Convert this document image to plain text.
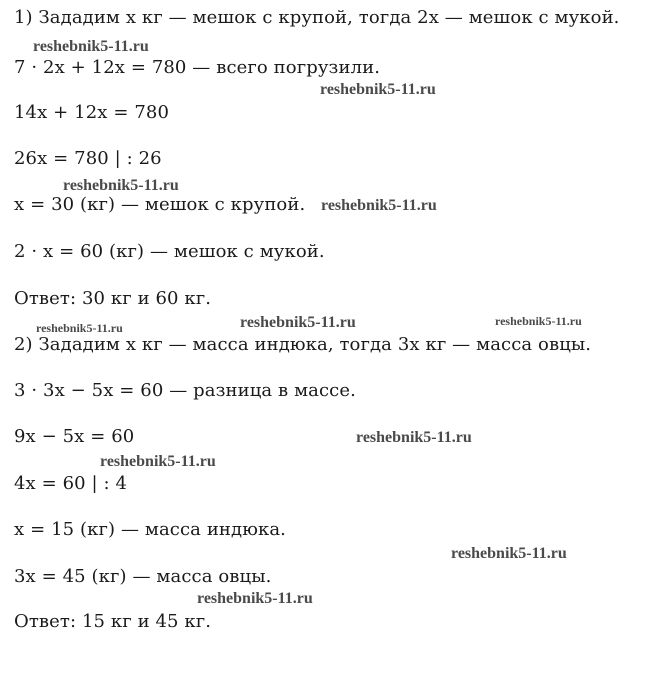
1) Зададим x кг — мешок с крупой, тогда 2x — мешок с мукой.
7 · 2x + 12x = 780 — всего погрузили.
14x + 12x = 780
26x = 780 | : 26
x = 30 (кг) — мешок с крупой.
2 · x = 60 (кг) — мешок с мукой.
Ответ: 30 кг и 60 кг.
2) Зададим x кг — масса индюка, тогда 3x кг — масса овцы.
3 · 3x − 5x = 60 — разница в массе.
9x − 5x = 60
4x = 60 | : 4
x = 15 (кг) — масса индюка.
3x = 45 (кг) — масса овцы.
Ответ: 15 кг и 45 кг.
reshebnik5-11.ru
reshebnik5-11.ru
reshebnik5-11.ru
reshebnik5-11.ru
reshebnik5-11.ru	reshebnik5-11.ru	reshebnik5-11.ru
reshebnik5-11.ru
reshebnik5-11.ru
reshebnik5-11.ru
reshebnik5-11.ru
